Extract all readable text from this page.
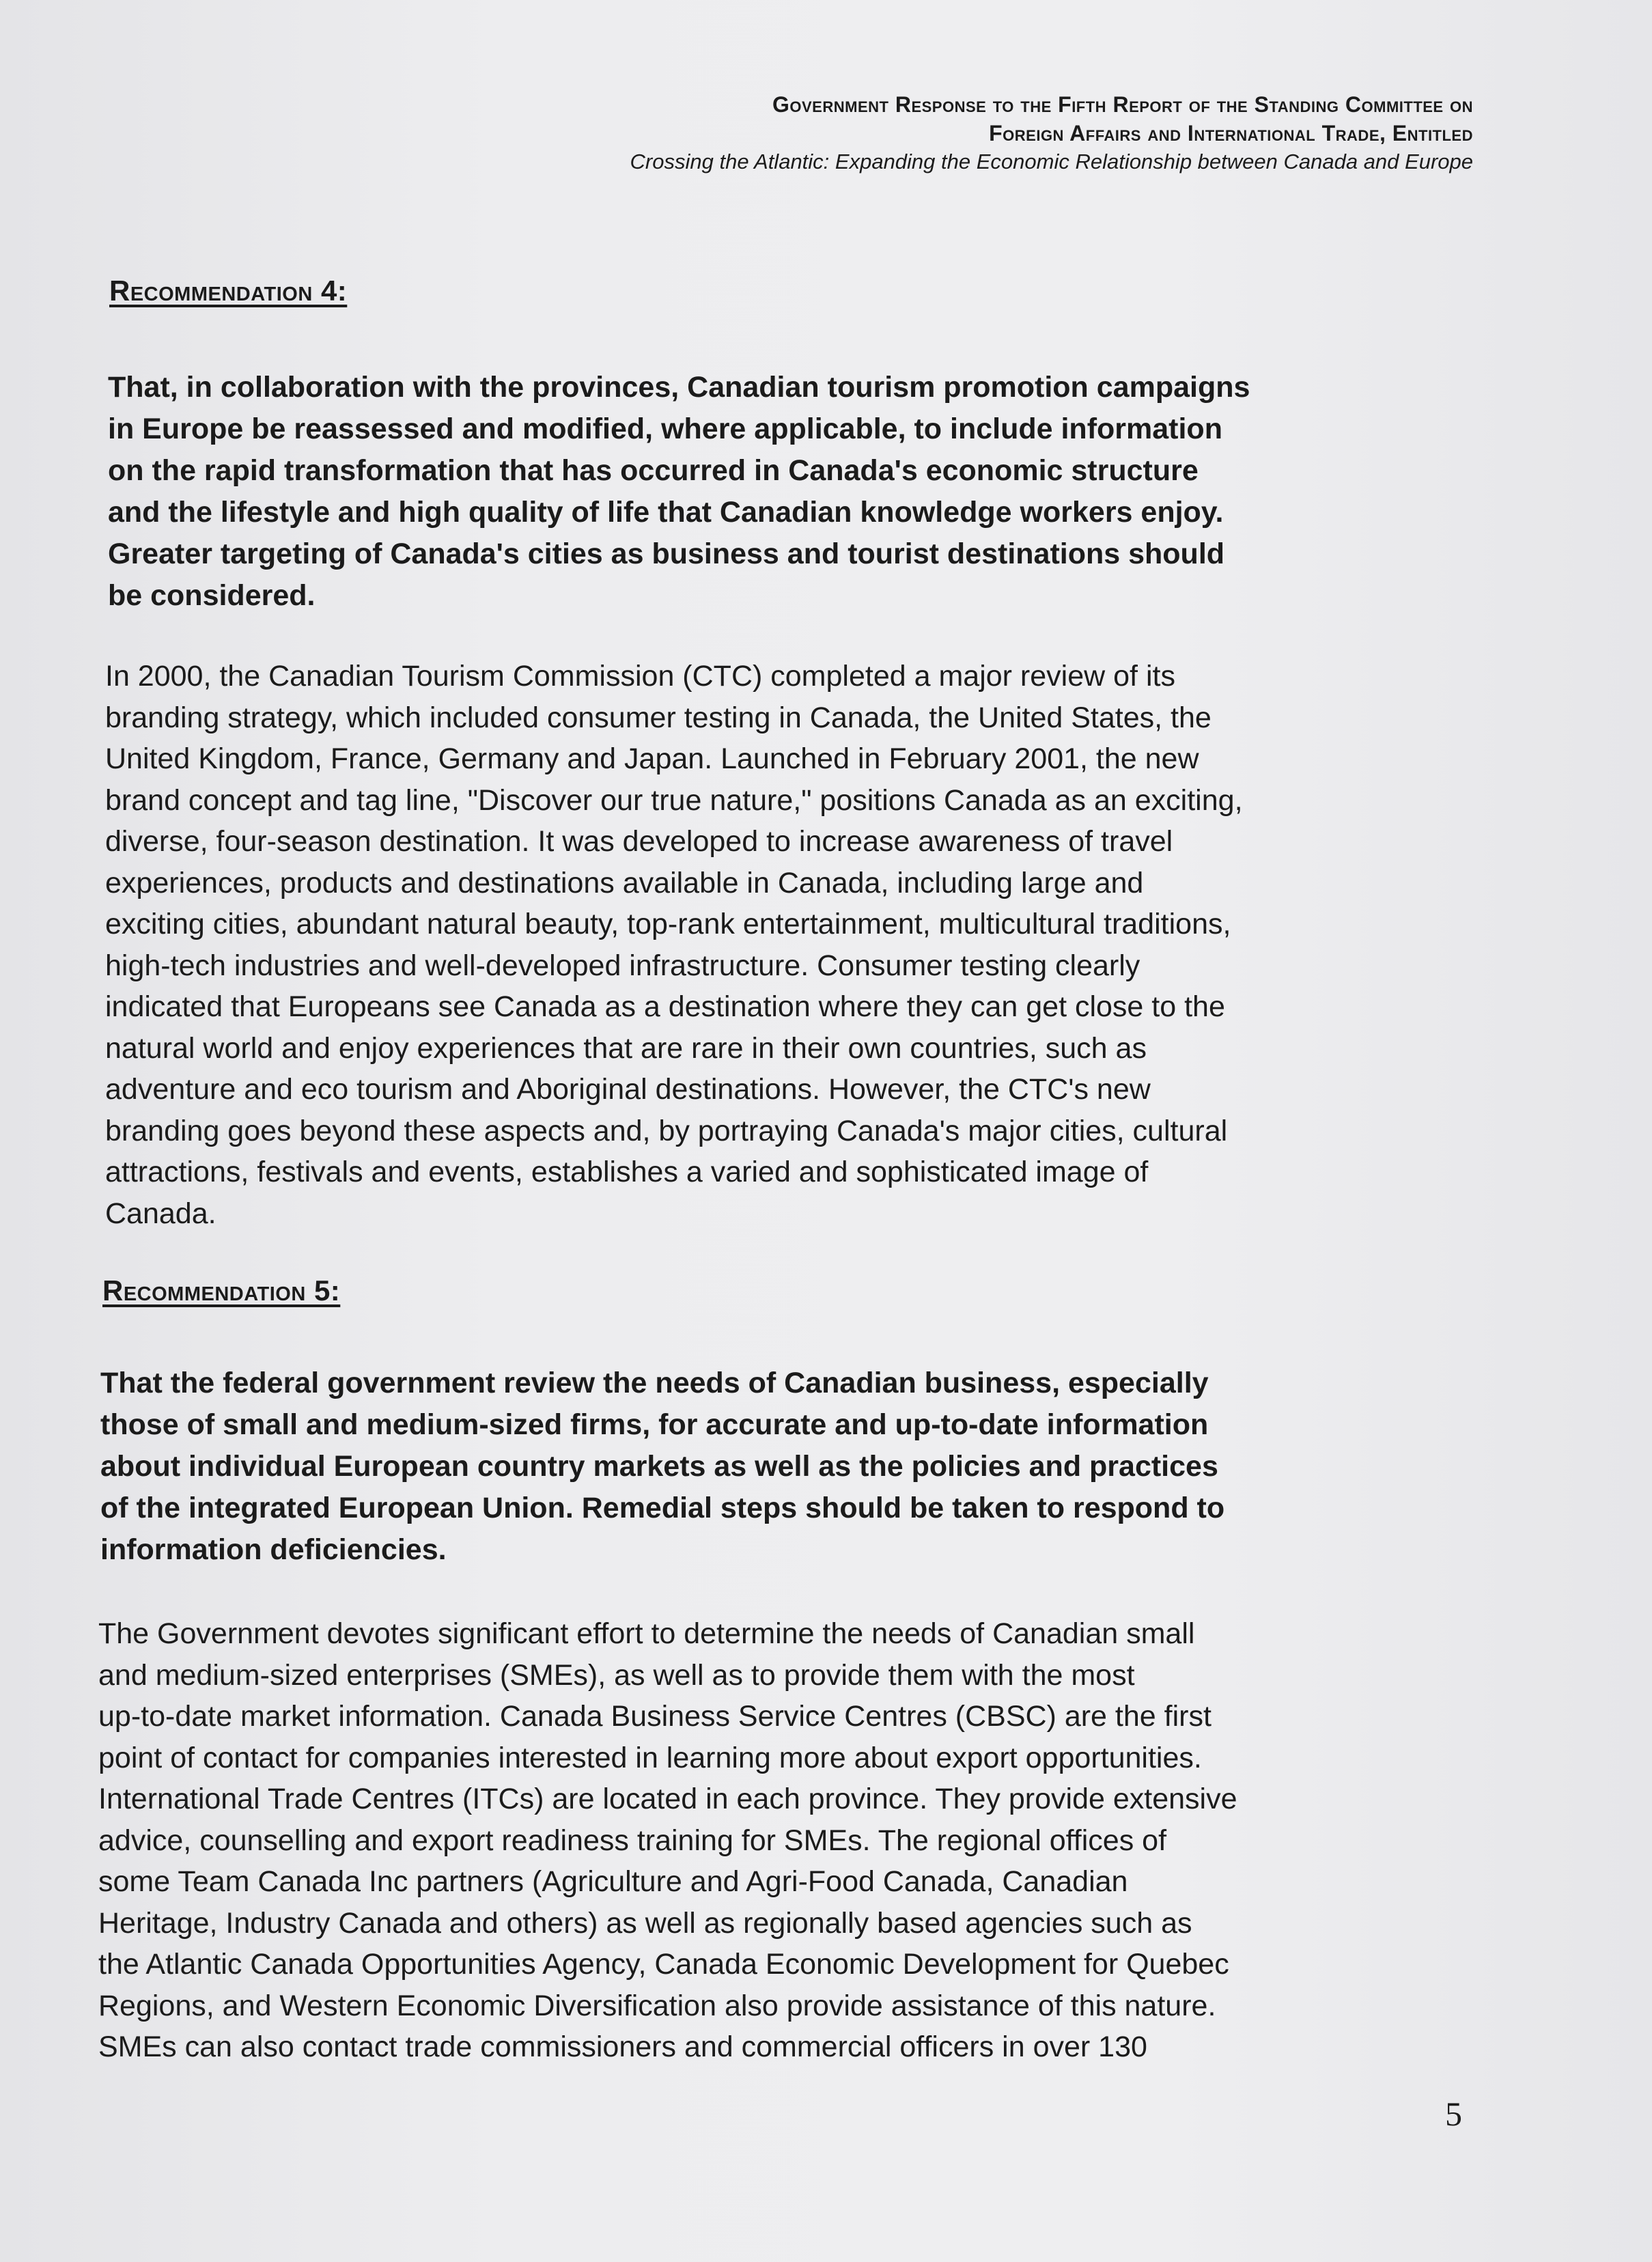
Government Response to the Fifth Report of the Standing Committee on
Foreign Affairs and International Trade, Entitled
Crossing the Atlantic: Expanding the Economic Relationship between Canada and Europe
Recommendation 4:
That, in collaboration with the provinces, Canadian tourism promotion campaigns
in Europe be reassessed and modified, where applicable, to include information
on the rapid transformation that has occurred in Canada's economic structure
and the lifestyle and high quality of life that Canadian knowledge workers enjoy.
Greater targeting of Canada's cities as business and tourist destinations should
be considered.
In 2000, the Canadian Tourism Commission (CTC) completed a major review of its
branding strategy, which included consumer testing in Canada, the United States, the
United Kingdom, France, Germany and Japan. Launched in February 2001, the new
brand concept and tag line, "Discover our true nature," positions Canada as an exciting,
diverse, four-season destination. It was developed to increase awareness of travel
experiences, products and destinations available in Canada, including large and
exciting cities, abundant natural beauty, top-rank entertainment, multicultural traditions,
high-tech industries and well-developed infrastructure. Consumer testing clearly
indicated that Europeans see Canada as a destination where they can get close to the
natural world and enjoy experiences that are rare in their own countries, such as
adventure and eco tourism and Aboriginal destinations. However, the CTC's new
branding goes beyond these aspects and, by portraying Canada's major cities, cultural
attractions, festivals and events, establishes a varied and sophisticated image of
Canada.
Recommendation 5:
That the federal government review the needs of Canadian business, especially
those of small and medium-sized firms, for accurate and up-to-date information
about individual European country markets as well as the policies and practices
of the integrated European Union. Remedial steps should be taken to respond to
information deficiencies.
The Government devotes significant effort to determine the needs of Canadian small
and medium-sized enterprises (SMEs), as well as to provide them with the most
up-to-date market information. Canada Business Service Centres (CBSC) are the first
point of contact for companies interested in learning more about export opportunities.
International Trade Centres (ITCs) are located in each province. They provide extensive
advice, counselling and export readiness training for SMEs. The regional offices of
some Team Canada Inc partners (Agriculture and Agri-Food Canada, Canadian
Heritage, Industry Canada and others) as well as regionally based agencies such as
the Atlantic Canada Opportunities Agency, Canada Economic Development for Quebec
Regions, and Western Economic Diversification also provide assistance of this nature.
SMEs can also contact trade commissioners and commercial officers in over 130
5
